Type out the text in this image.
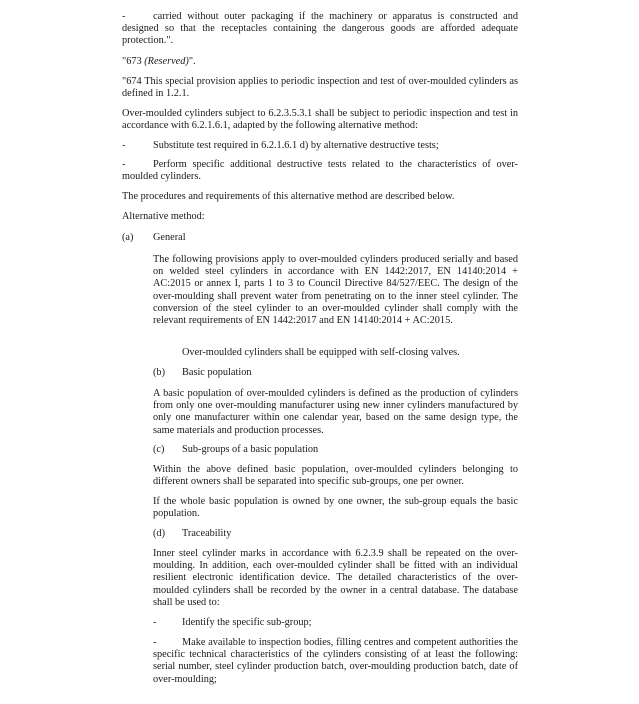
-	carried without outer packaging if the machinery or apparatus is constructed and designed so that the receptacles containing the dangerous goods are afforded adequate protection.".

"673 (Reserved)".

"674 This special provision applies to periodic inspection and test of over-moulded cylinders as defined in 1.2.1.

Over-moulded cylinders subject to 6.2.3.5.3.1 shall be subject to periodic inspection and test in accordance with 6.2.1.6.1, adapted by the following alternative method:

-	Substitute test required in 6.2.1.6.1 d) by alternative destructive tests;
-	Perform specific additional destructive tests related to the characteristics of over-moulded cylinders.

The procedures and requirements of this alternative method are described below.

Alternative method:

(a) General

The following provisions apply to over-moulded cylinders produced serially and based on welded steel cylinders in accordance with EN 1442:2017, EN 14140:2014 + AC:2015 or annex I, parts 1 to 3 to Council Directive 84/527/EEC. The design of the over-moulding shall prevent water from penetrating on to the inner steel cylinder. The conversion of the steel cylinder to an over-moulded cylinder shall comply with the relevant requirements of EN 1442:2017 and EN 14140:2014 + AC:2015.

Over-moulded cylinders shall be equipped with self-closing valves.

(b) Basic population

A basic population of over-moulded cylinders is defined as the production of cylinders from only one over-moulding manufacturer using new inner cylinders manufactured by only one manufacturer within one calendar year, based on the same design type, the same materials and production processes.

(c) Sub-groups of a basic population

Within the above defined basic population, over-moulded cylinders belonging to different owners shall be separated into specific sub-groups, one per owner.

If the whole basic population is owned by one owner, the sub-group equals the basic population.

(d) Traceability

Inner steel cylinder marks in accordance with 6.2.3.9 shall be repeated on the over-moulding. In addition, each over-moulded cylinder shall be fitted with an individual resilient electronic identification device. The detailed characteristics of the over-moulded cylinders shall be recorded by the owner in a central database. The database shall be used to:

-	Identify the specific sub-group;
-	Make available to inspection bodies, filling centres and competent authorities the specific technical characteristics of the cylinders consisting of at least the following: serial number, steel cylinder production batch, over-moulding production batch, date of over-moulding;
